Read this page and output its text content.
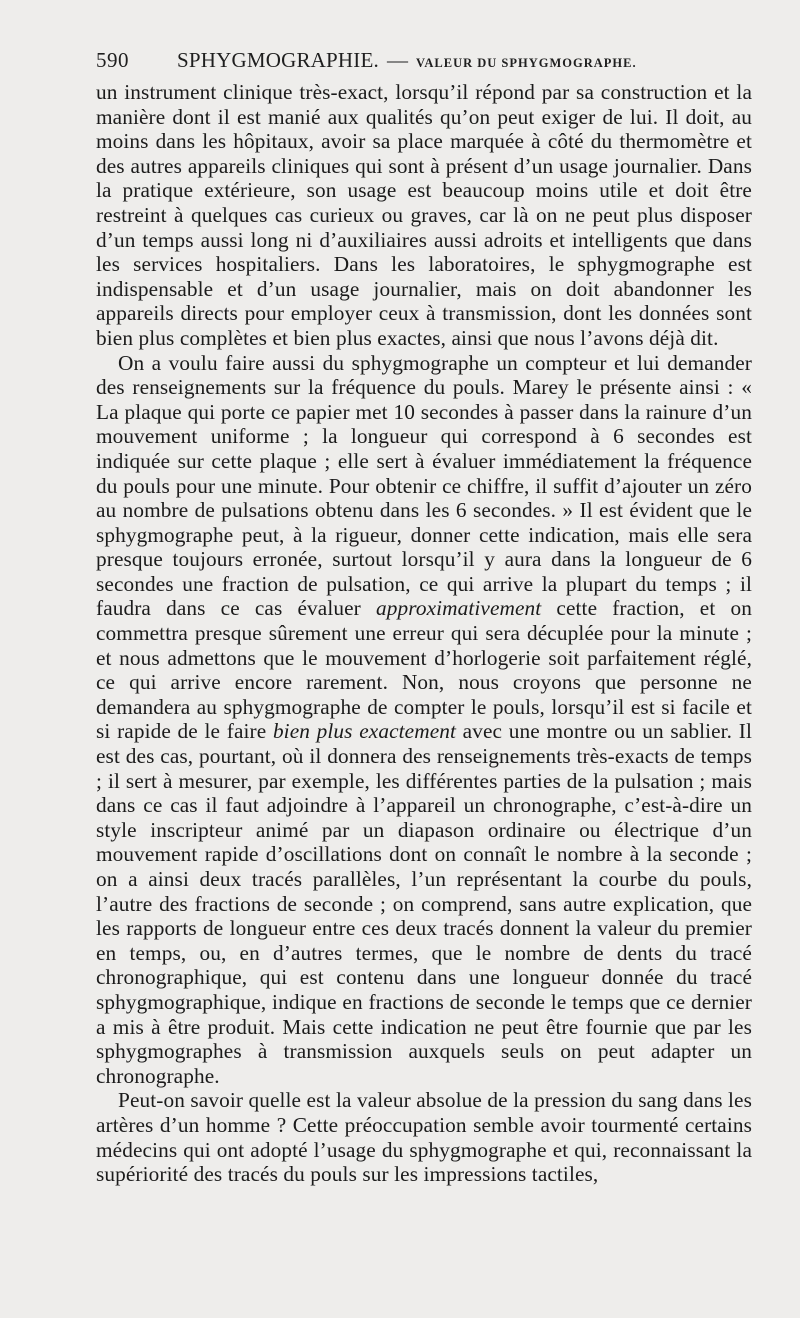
590 SPHYGMOGRAPHIE. — VALEUR DU SPHYGMOGRAPHE.

un instrument clinique très-exact, lorsqu’il répond par sa construction et la manière dont il est manié aux qualités qu’on peut exiger de lui. Il doit, au moins dans les hôpitaux, avoir sa place marquée à côté du thermomètre et des autres appareils cliniques qui sont à présent d’un usage journalier. Dans la pratique extérieure, son usage est beaucoup moins utile et doit être restreint à quelques cas curieux ou graves, car là on ne peut plus disposer d’un temps aussi long ni d’auxiliaires aussi adroits et intelligents que dans les services hospitaliers. Dans les laboratoires, le sphygmographe est indispensable et d’un usage journalier, mais on doit abandonner les appareils directs pour employer ceux à transmission, dont les données sont bien plus complètes et bien plus exactes, ainsi que nous l’avons déjà dit.

On a voulu faire aussi du sphygmographe un compteur et lui demander des renseignements sur la fréquence du pouls. Marey le présente ainsi : « La plaque qui porte ce papier met 10 secondes à passer dans la rainure d’un mouvement uniforme ; la longueur qui correspond à 6 secondes est indiquée sur cette plaque ; elle sert à évaluer immédiatement la fréquence du pouls pour une minute. Pour obtenir ce chiffre, il suffit d’ajouter un zéro au nombre de pulsations obtenu dans les 6 secondes. » Il est évident que le sphygmographe peut, à la rigueur, donner cette indication, mais elle sera presque toujours erronée, surtout lorsqu’il y aura dans la longueur de 6 secondes une fraction de pulsation, ce qui arrive la plupart du temps ; il faudra dans ce cas évaluer approximativement cette fraction, et on commettra presque sûrement une erreur qui sera décuplée pour la minute ; et nous admettons que le mouvement d’horlogerie soit parfaitement réglé, ce qui arrive encore rarement. Non, nous croyons que personne ne demandera au sphygmographe de compter le pouls, lorsqu’il est si facile et si rapide de le faire bien plus exactement avec une montre ou un sablier. Il est des cas, pourtant, où il donnera des renseignements très-exacts de temps ; il sert à mesurer, par exemple, les différentes parties de la pulsation ; mais dans ce cas il faut adjoindre à l’appareil un chronographe, c’est-à-dire un style inscripteur animé par un diapason ordinaire ou électrique d’un mouvement rapide d’oscillations dont on connaît le nombre à la seconde ; on a ainsi deux tracés parallèles, l’un représentant la courbe du pouls, l’autre des fractions de seconde ; on comprend, sans autre explication, que les rapports de longueur entre ces deux tracés donnent la valeur du premier en temps, ou, en d’autres termes, que le nombre de dents du tracé chronographique, qui est contenu dans une longueur donnée du tracé sphygmographique, indique en fractions de seconde le temps que ce dernier a mis à être produit. Mais cette indication ne peut être fournie que par les sphygmographes à transmission auxquels seuls on peut adapter un chronographe.

Peut-on savoir quelle est la valeur absolue de la pression du sang dans les artères d’un homme ? Cette préoccupation semble avoir tourmenté certains médecins qui ont adopté l’usage du sphygmographe et qui, reconnaissant la supériorité des tracés du pouls sur les impressions tactiles,
